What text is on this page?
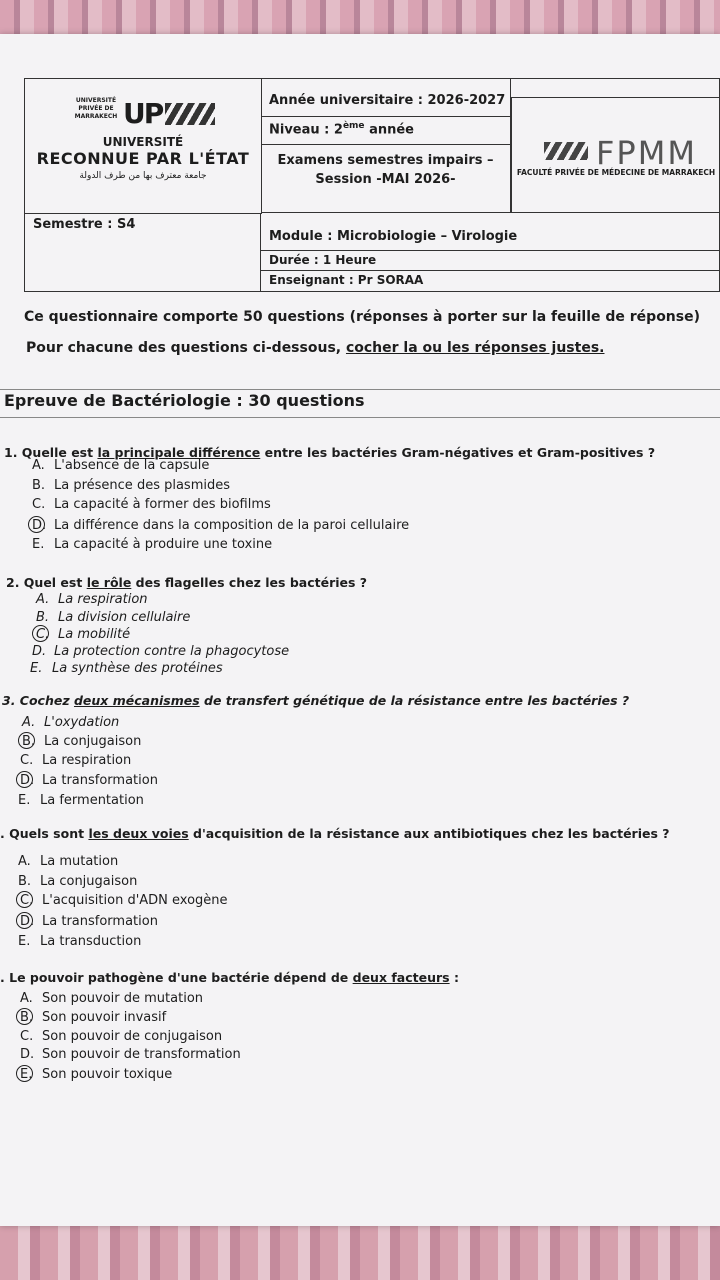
UNIVERSITÉ PRIVÉE DE MARRAKECH UP
UNIVERSITÉ
RECONNUE PAR L'ÉTAT
جامعة معترف بها من طرف الدولة
Année universitaire : 2026-2027
Niveau : 2ème année
Examens semestres impairs –
Session -MAI 2026-
FPMM
FACULTÉ PRIVÉE DE MÉDECINE DE MARRAKECH
Semestre : S4
Module : Microbiologie – Virologie
Durée : 1 Heure
Enseignant : Pr SORAA
Ce questionnaire comporte 50 questions (réponses à porter sur la feuille de réponse)
Pour chacune des questions ci-dessous, cocher la ou les réponses justes.
Epreuve de Bactériologie : 30 questions
1. Quelle est la principale différence entre les bactéries Gram-négatives et Gram-positives ?
A. L'absence de la capsule
B. La présence des plasmides
C. La capacité à former des biofilms
D. La différence dans la composition de la paroi cellulaire
E. La capacité à produire une toxine
2. Quel est le rôle des flagelles chez les bactéries ?
A. La respiration
B. La division cellulaire
C. La mobilité
D. La protection contre la phagocytose
E. La synthèse des protéines
3. Cochez deux mécanismes de transfert génétique de la résistance entre les bactéries ?
A. L'oxydation
B. La conjugaison
C. La respiration
D. La transformation
E. La fermentation
. Quels sont les deux voies d'acquisition de la résistance aux antibiotiques chez les bactéries ?
A. La mutation
B. La conjugaison
C. L'acquisition d'ADN exogène
D. La transformation
E. La transduction
. Le pouvoir pathogène d'une bactérie dépend de deux facteurs :
A. Son pouvoir de mutation
B. Son pouvoir invasif
C. Son pouvoir de conjugaison
D. Son pouvoir de transformation
E. Son pouvoir toxique
